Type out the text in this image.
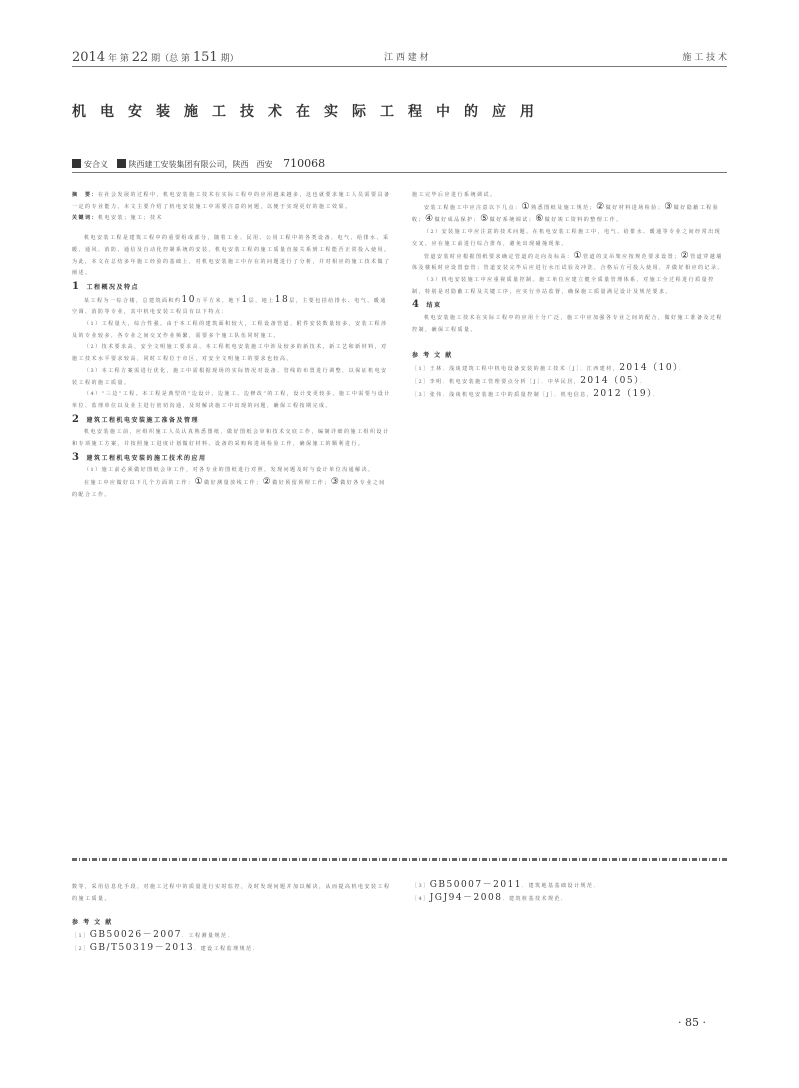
2014 年 第 22 期（总 第 151 期）	江 西 建 材	施 工 技 术
机电安装施工技术在实际工程中的应用
安合义	陕西建工安装集团有限公司，陕西　西安 710068

摘　要：在社会发展的过程中，机电安装施工技术在实际工程中的应用越来越多，这也就要求施工人员需要具备一定的专业能力。本文主要介绍了机电安装施工中需要注意的问题，以便于实现更好的施工效果。

关键词：机电安装；施工；技术

机电安装工程是建筑工程中的重要组成部分，随着工业、民用、公用工程中的各类设备、电气、给排水、采暖、通风、消防、通信及自动化控制系统的安装，机电安装工程的施工质量直接关系到工程能否正常投入使用。为此，本文在总结多年施工经验的基础上，对机电安装施工中存在的问题进行了分析，并对相应的施工技术做了阐述。

1 工程概况及特点

某工程为一综合楼，总建筑面积约10万平方米，地下1层，地上18层，主要包括给排水、电气、暖通空调、消防等专业，其中机电安装工程具有以下特点：

（1）工程量大，综合性强。由于本工程的建筑面积较大，工程设备管道、附件安装数量较多，安装工程涉及的专业较多，各专业之间交叉作业频繁，需要多个施工队伍同时施工。

（2）技术要求高，安全文明施工要求高。本工程机电安装施工中涉及较多的新技术、新工艺和新材料，对施工技术水平要求较高，同时工程位于市区，对安全文明施工的要求也较高。

（3）本工程方案需进行优化，施工中需根据现场的实际情况对设备、管线的布置进行调整，以保证机电安装工程的施工质量。

（4）“三边”工程。本工程是典型的“边设计、边施工、边修改”的工程，设计变更较多，施工中需要与设计单位、监理单位以及业主进行密切沟通，及时解决施工中出现的问题，确保工程按期完成。

2 建筑工程机电安装施工准备及管理

机电安装施工前，应组织施工人员认真熟悉图纸，做好图纸会审和技术交底工作，编制详细的施工组织设计和专项施工方案，并按照施工进度计划做好材料、设备的采购和进场检验工作，确保施工的顺利进行。

3 建筑工程机电安装的施工技术的应用

（1）施工前必须做好图纸会审工作，对各专业的图纸进行对照，发现问题及时与设计单位沟通解决。

在施工中应做好以下几个方面的工作：①做好测量放线工作；②做好预留预埋工作；③做好各专业之间的配合工作。

施工完毕后应进行系统调试。

安装工程施工中应注意以下几点：①熟悉图纸及施工规范；②做好材料进场检验；③做好隐蔽工程验收；④做好成品保护；⑤做好系统调试；⑥做好竣工资料的整理工作。

（2）安装施工中应注意的技术问题。在机电安装工程施工中，电气、给排水、暖通等专业之间经常出现交叉，应在施工前进行综合排布，避免出现碰撞现象。

管道安装时应根据图纸要求确定管道的走向及标高：①管道的支吊架应按规范要求设置；②管道穿越墙体及楼板时应设置套管；管道安装完毕后应进行水压试验及冲洗，合格后方可投入使用，并做好相应的记录。

（3）机电安装施工中应重视质量控制。施工单位应建立健全质量管理体系，对施工全过程进行质量控制，特别是对隐蔽工程及关键工序，应实行旁站监督，确保施工质量满足设计及规范要求。

4 结束

机电安装施工技术在实际工程中的应用十分广泛，施工中应加强各专业之间的配合，做好施工准备及过程控制，确保工程质量。

参 考 文 献
［1］王林．浅谈建筑工程中机电设备安装的施工技术［J］．江西建材，2014（10）．
［2］李明．机电安装施工管理要点分析［J］．中华民居，2014（05）．
［3］张伟．浅谈机电安装施工中的质量控制［J］．机电信息，2012（19）．

数等，采用信息化手段，对施工过程中的质量进行实时监控，及时发现问题并加以解决，从而提高机电安装工程的施工质量。

参 考 文 献
［1］GB50026－2007．工程测量规范．
［2］GB/T50319－2013．建设工程监理规范．
［3］GB50007－2011．建筑地基基础设计规范．
［4］JGJ94－2008．建筑桩基技术规范．
· 85 ·
